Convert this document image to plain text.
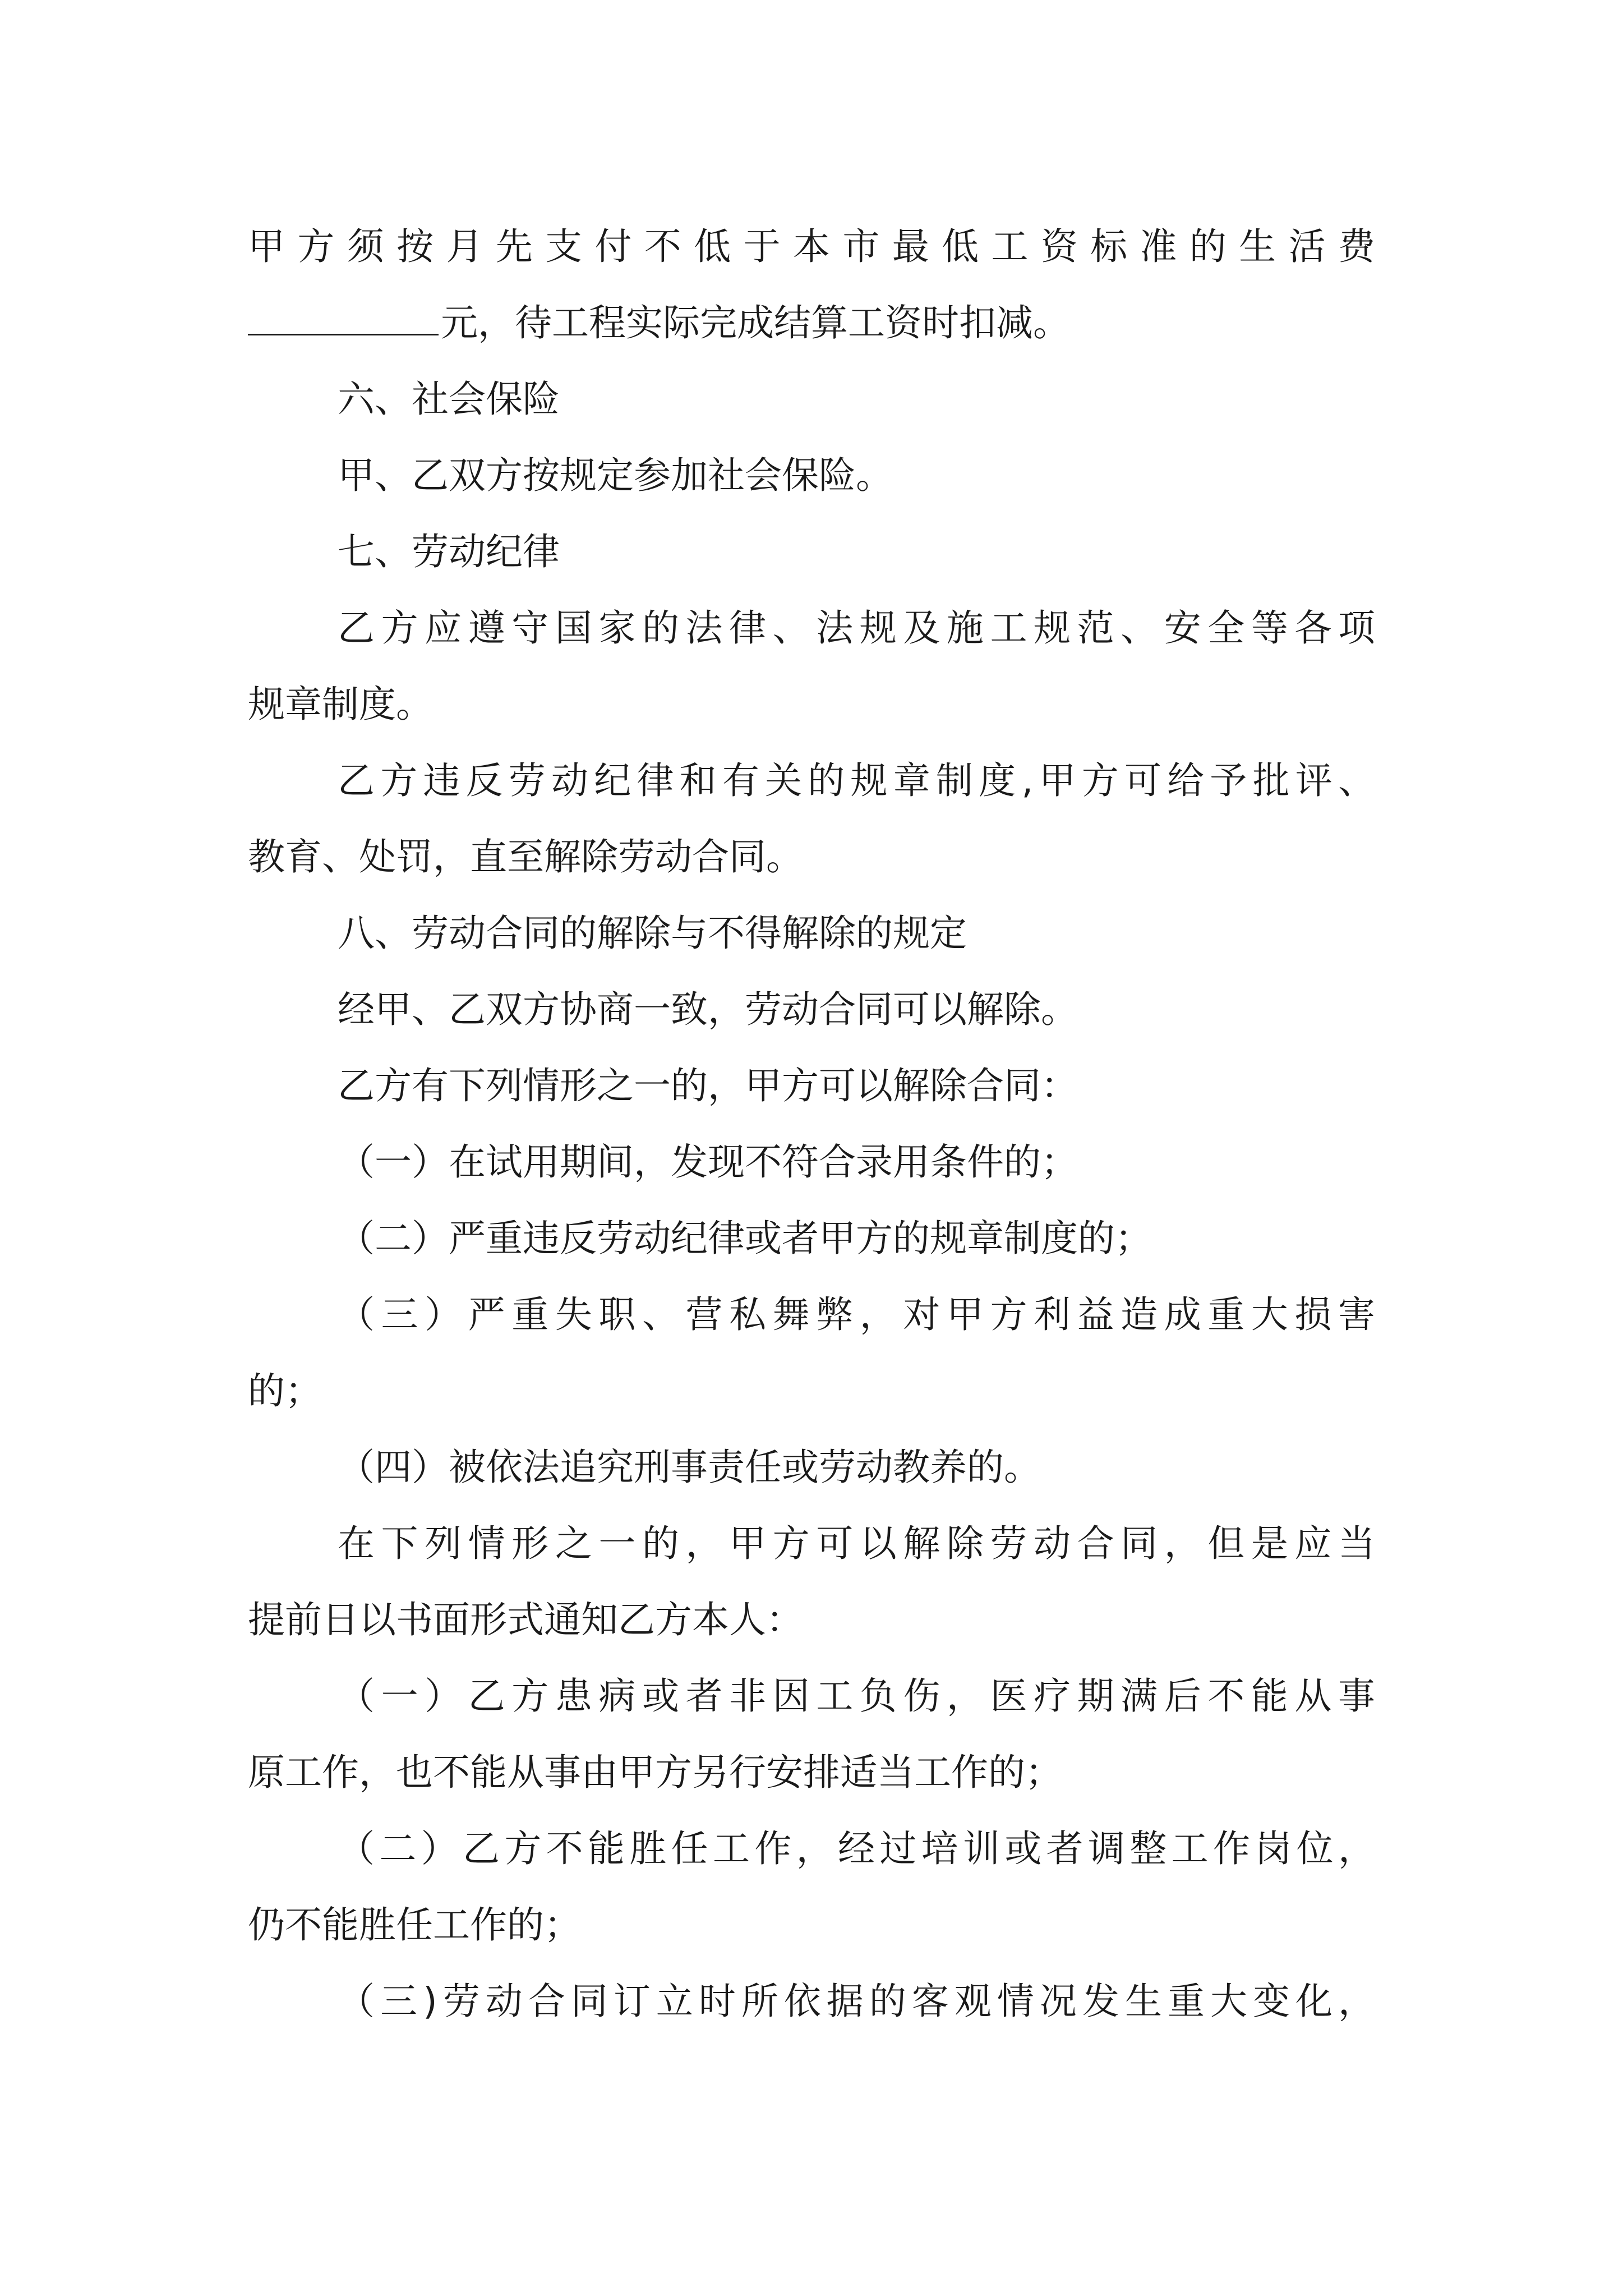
甲方须按月先支付不低于本市最低工资标准的生活费

元，待工程实际完成结算工资时扣减。

六、社会保险

甲、乙双方按规定参加社会保险。

七、劳动纪律

乙方应遵守国家的法律、法规及施工规范、安全等各项

规章制度。

乙方违反劳动纪律和有关的规章制度,甲方可给予批评、

教育、处罚，直至解除劳动合同。

八、劳动合同的解除与不得解除的规定

经甲、乙双方协商一致，劳动合同可以解除。

乙方有下列情形之一的，甲方可以解除合同：

（一）在试用期间，发现不符合录用条件的；

（二）严重违反劳动纪律或者甲方的规章制度的；

（三）严重失职、营私舞弊，对甲方利益造成重大损害

的；

（四）被依法追究刑事责任或劳动教养的。

在下列情形之一的，甲方可以解除劳动合同，但是应当

提前日以书面形式通知乙方本人：

（一）乙方患病或者非因工负伤，医疗期满后不能从事

原工作，也不能从事由甲方另行安排适当工作的；

（二）乙方不能胜任工作，经过培训或者调整工作岗位，

仍不能胜任工作的；

（三)劳动合同订立时所依据的客观情况发生重大变化，
